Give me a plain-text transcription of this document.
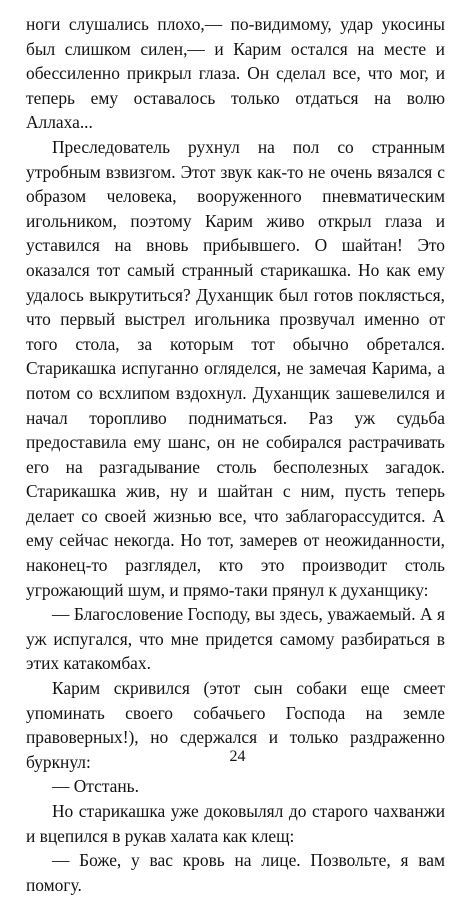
ноги слушались плохо,— по-видимому, удар укосины был слишком силен,— и Карим остался на месте и обессиленно прикрыл глаза. Он сделал все, что мог, и теперь ему оставалось только отдаться на волю Аллаха...

Преследователь рухнул на пол со странным утробным взвизгом. Этот звук как-то не очень вязался с образом человека, вооруженного пневматическим игольником, поэтому Карим живо открыл глаза и уставился на вновь прибывшего. О шайтан! Это оказался тот самый странный старикашка. Но как ему удалось выкрутиться? Духанщик был готов поклясться, что первый выстрел игольника прозвучал именно от того стола, за которым тот обычно обретался. Старикашка испуганно огляделся, не замечая Карима, а потом со всхлипом вздохнул. Духанщик зашевелился и начал торопливо подниматься. Раз уж судьба предоставила ему шанс, он не собирался растрачивать его на разгадывание столь бесполезных загадок. Старикашка жив, ну и шайтан с ним, пусть теперь делает со своей жизнью все, что заблагорассудится. А ему сейчас некогда. Но тот, замерев от неожиданности, наконец-то разглядел, кто это производит столь угрожающий шум, и прямо-таки прянул к духанщику:

— Благословение Господу, вы здесь, уважаемый. А я уж испугался, что мне придется самому разбираться в этих катакомбах.

Карим скривился (этот сын собаки еще смеет упоминать своего собачьего Господа на земле правоверных!), но сдержался и только раздраженно буркнул:

— Отстань.

Но старикашка уже доковылял до старого чахванжи и вцепился в рукав халата как клещ:

— Боже, у вас кровь на лице. Позвольте, я вам помогу.

24
